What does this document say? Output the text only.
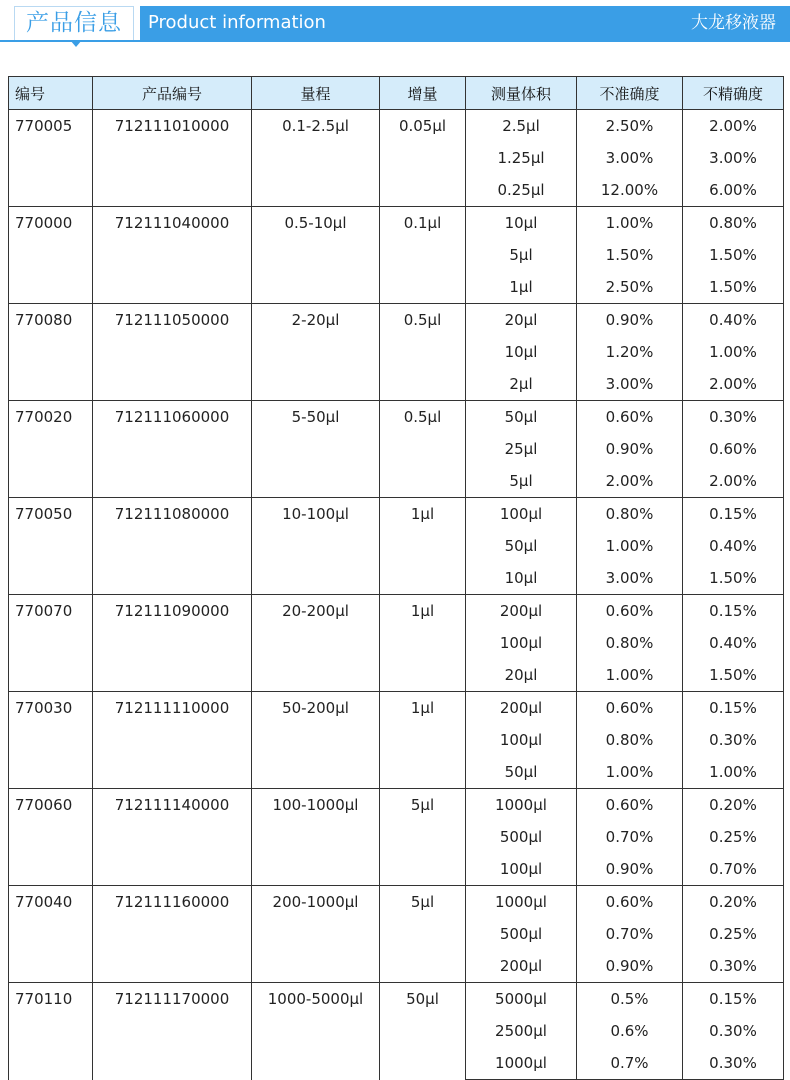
产品信息	Product information	大龙移液器
编号	产品编号	量程	增量	测量体积	不准确度	不精确度
770005	712111010000	0.1-2.5μl	0.05μl	2.5μl	2.50%	2.00%
				1.25μl	3.00%	3.00%
				0.25μl	12.00%	6.00%
770000	712111040000	0.5-10μl	0.1μl	10μl	1.00%	0.80%
				5μl	1.50%	1.50%
				1μl	2.50%	1.50%
770080	712111050000	2-20μl	0.5μl	20μl	0.90%	0.40%
				10μl	1.20%	1.00%
				2μl	3.00%	2.00%
770020	712111060000	5-50μl	0.5μl	50μl	0.60%	0.30%
				25μl	0.90%	0.60%
				5μl	2.00%	2.00%
770050	712111080000	10-100μl	1μl	100μl	0.80%	0.15%
				50μl	1.00%	0.40%
				10μl	3.00%	1.50%
770070	712111090000	20-200μl	1μl	200μl	0.60%	0.15%
				100μl	0.80%	0.40%
				20μl	1.00%	1.50%
770030	712111110000	50-200μl	1μl	200μl	0.60%	0.15%
				100μl	0.80%	0.30%
				50μl	1.00%	1.00%
770060	712111140000	100-1000μl	5μl	1000μl	0.60%	0.20%
				500μl	0.70%	0.25%
				100μl	0.90%	0.70%
770040	712111160000	200-1000μl	5μl	1000μl	0.60%	0.20%
				500μl	0.70%	0.25%
				200μl	0.90%	0.30%
770110	712111170000	1000-5000μl	50μl	5000μl	0.5%	0.15%
				2500μl	0.6%	0.30%
				1000μl	0.7%	0.30%
